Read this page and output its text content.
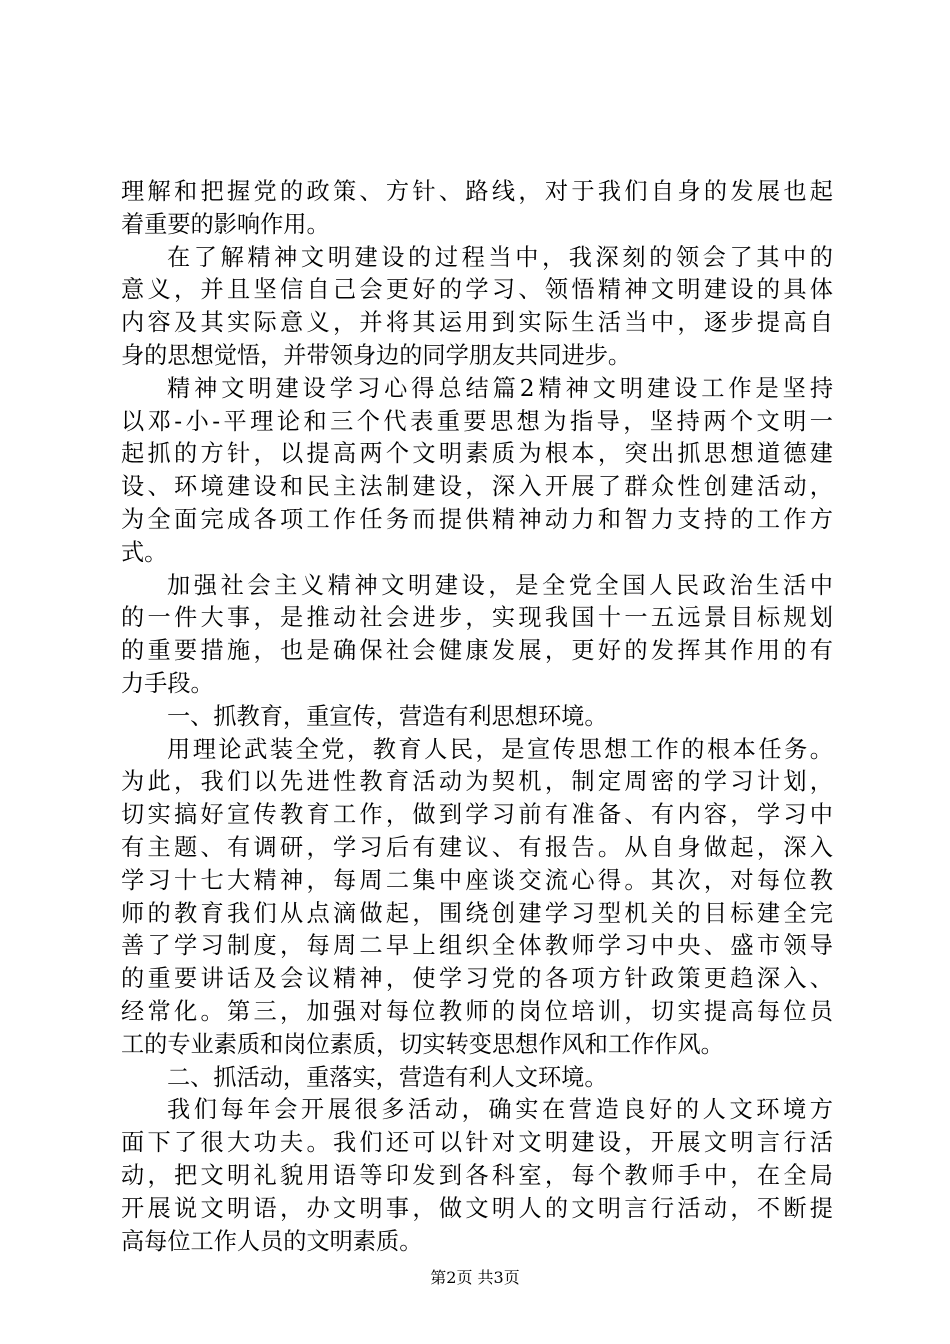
理解和把握党的政策、方针、路线，对于我们自身的发展也起
着重要的影响作用。
在了解精神文明建设的过程当中，我深刻的领会了其中的
意义，并且坚信自己会更好的学习、领悟精神文明建设的具体
内容及其实际意义，并将其运用到实际生活当中，逐步提高自
身的思想觉悟，并带领身边的同学朋友共同进步。
精神文明建设学习心得总结篇2精神文明建设工作是坚持
以邓-小-平理论和三个代表重要思想为指导，坚持两个文明一
起抓的方针，以提高两个文明素质为根本，突出抓思想道德建
设、环境建设和民主法制建设，深入开展了群众性创建活动，
为全面完成各项工作任务而提供精神动力和智力支持的工作方
式。
加强社会主义精神文明建设，是全党全国人民政治生活中
的一件大事，是推动社会进步，实现我国十一五远景目标规划
的重要措施，也是确保社会健康发展，更好的发挥其作用的有
力手段。
一、抓教育，重宣传，营造有利思想环境。
用理论武装全党，教育人民，是宣传思想工作的根本任务。
为此，我们以先进性教育活动为契机，制定周密的学习计划，
切实搞好宣传教育工作，做到学习前有准备、有内容，学习中
有主题、有调研，学习后有建议、有报告。从自身做起，深入
学习十七大精神，每周二集中座谈交流心得。其次，对每位教
师的教育我们从点滴做起，围绕创建学习型机关的目标建全完
善了学习制度，每周二早上组织全体教师学习中央、盛市领导
的重要讲话及会议精神，使学习党的各项方针政策更趋深入、
经常化。第三，加强对每位教师的岗位培训，切实提高每位员
工的专业素质和岗位素质，切实转变思想作风和工作作风。
二、抓活动，重落实，营造有利人文环境。
我们每年会开展很多活动，确实在营造良好的人文环境方
面下了很大功夫。我们还可以针对文明建设，开展文明言行活
动，把文明礼貌用语等印发到各科室，每个教师手中，在全局
开展说文明语，办文明事，做文明人的文明言行活动，不断提
高每位工作人员的文明素质。
第2页 共3页
